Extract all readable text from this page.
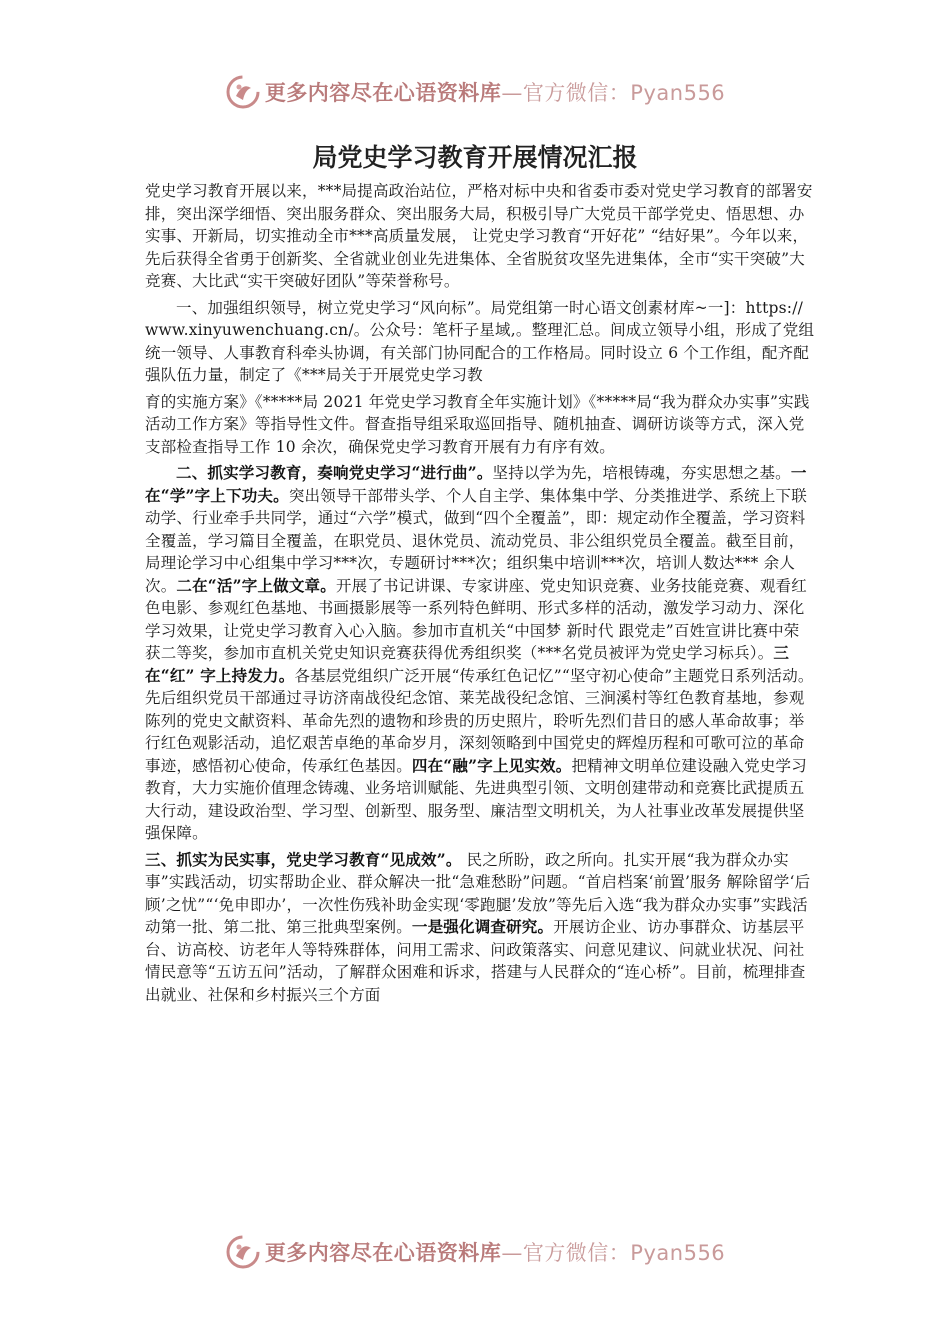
更多内容尽在心语资料库—官方微信：Pyan556
局党史学习教育开展情况汇报

党史学习教育开展以来，***局提高政治站位，严格对标中央和省委市委对党史学习教育的部署安排，突出深学细悟、突出服务群众、突出服务大局，积极引导广大党员干部学党史、悟思想、办实事、开新局，切实推动全市***高质量发展， 让党史学习教育“开好花” “结好果”。今年以来，先后获得全省勇于创新奖、全省就业创业先进集体、全省脱贫攻坚先进集体，全市“实干突破”大竞赛、大比武“实干突破好团队”等荣誉称号。

一、加强组织领导，树立党史学习“风向标”。局党组第一时心语文创素材库~一]：https://www.xinyuwenchuang.cn/。公众号：笔杆子星域,。整理汇总。间成立领导小组，形成了党组统一领导、人事教育科牵头协调，有关部门协同配合的工作格局。同时设立 6 个工作组，配齐配强队伍力量，制定了《***局关于开展党史学习教

育的实施方案》《*****局 2021 年党史学习教育全年实施计划》《*****局“我为群众办实事”实践活动工作方案》等指导性文件。督查指导组采取巡回指导、随机抽查、调研访谈等方式，深入党支部检查指导工作 10 余次，确保党史学习教育开展有力有序有效。

二、抓实学习教育，奏响党史学习“进行曲”。坚持以学为先，培根铸魂，夯实思想之基。一在“学”字上下功夫。突出领导干部带头学、个人自主学、集体集中学、分类推进学、系统上下联动学、行业牵手共同学，通过“六学”模式，做到“四个全覆盖”，即：规定动作全覆盖，学习资料全覆盖，学习篇目全覆盖，在职党员、退休党员、流动党员、非公组织党员全覆盖。截至目前，局理论学习中心组集中学习***次，专题研讨***次；组织集中培训***次，培训人数达*** 余人次。二在“活”字上做文章。开展了书记讲课、专家讲座、党史知识竞赛、业务技能竞赛、观看红色电影、参观红色基地、书画摄影展等一系列特色鲜明、形式多样的活动，激发学习动力、深化学习效果，让党史学习教育入心入脑。参加市直机关“中国梦 新时代 跟党走”百姓宣讲比赛中荣获二等奖，参加市直机关党史知识竞赛获得优秀组织奖（***名党员被评为党史学习标兵）。三在“红” 字上持发力。各基层党组织广泛开展“传承红色记忆”“坚守初心使命”主题党日系列活动。先后组织党员干部通过寻访济南战役纪念馆、莱芜战役纪念馆、三涧溪村等红色教育基地，参观陈列的党史文献资料、革命先烈的遗物和珍贵的历史照片，聆听先烈们昔日的感人革命故事；举行红色观影活动，追忆艰苦卓绝的革命岁月，深刻领略到中国党史的辉煌历程和可歌可泣的革命事迹，感悟初心使命，传承红色基因。四在“融”字上见实效。把精神文明单位建设融入党史学习教育，大力实施价值理念铸魂、业务培训赋能、先进典型引领、文明创建带动和竞赛比武提质五大行动，建设政治型、学习型、创新型、服务型、廉洁型文明机关，为人社事业改革发展提供坚强保障。

三、抓实为民实事，党史学习教育“见成效”。 民之所盼，政之所向。扎实开展“我为群众办实事”实践活动，切实帮助企业、群众解决一批“急难愁盼”问题。“首启档案‘前置’服务 解除留学‘后顾’之忧”“‘免申即办’，一次性伤残补助金实现‘零跑腿’发放”等先后入选“我为群众办实事”实践活动第一批、第二批、第三批典型案例。一是强化调查研究。开展访企业、访办事群众、访基层平台、访高校、访老年人等特殊群体，问用工需求、问政策落实、问意见建议、问就业状况、问社情民意等“五访五问”活动，了解群众困难和诉求，搭建与人民群众的“连心桥”。目前，梳理排查出就业、社保和乡村振兴三个方面

更多内容尽在心语资料库—官方微信：Pyan556
